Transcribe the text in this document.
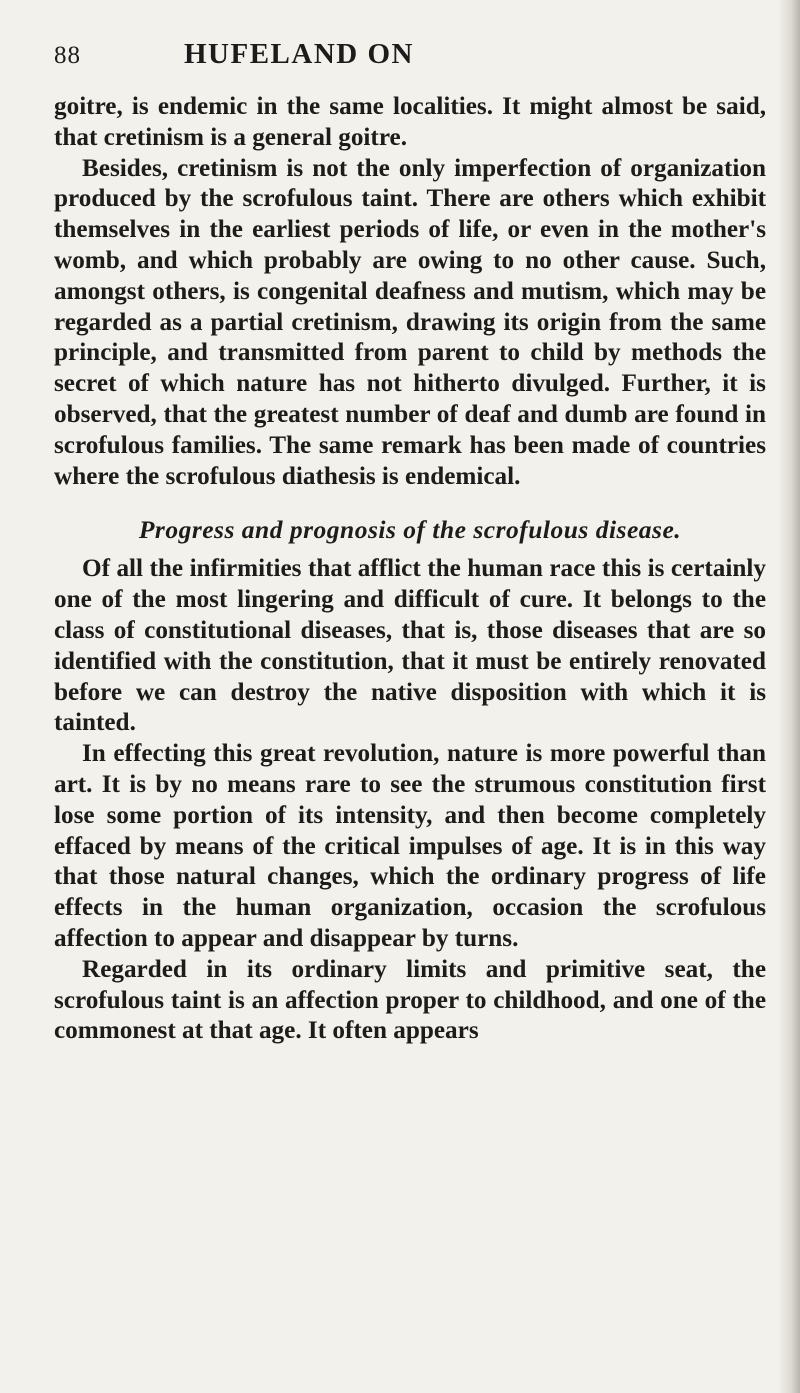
88	HUFELAND ON

goitre, is endemic in the same localities. It might almost be said, that cretinism is a general goitre.

Besides, cretinism is not the only imperfection of organization produced by the scrofulous taint. There are others which exhibit themselves in the earliest periods of life, or even in the mother's womb, and which probably are owing to no other cause. Such, amongst others, is congenital deafness and mutism, which may be regarded as a partial cretinism, drawing its origin from the same principle, and transmitted from parent to child by methods the secret of which nature has not hitherto divulged. Further, it is observed, that the greatest number of deaf and dumb are found in scrofulous families. The same remark has been made of countries where the scrofulous diathesis is endemical.

Progress and prognosis of the scrofulous disease.

Of all the infirmities that afflict the human race this is certainly one of the most lingering and difficult of cure. It belongs to the class of constitutional diseases, that is, those diseases that are so identified with the constitution, that it must be entirely renovated before we can destroy the native disposition with which it is tainted.

In effecting this great revolution, nature is more powerful than art. It is by no means rare to see the strumous constitution first lose some portion of its intensity, and then become completely effaced by means of the critical impulses of age. It is in this way that those natural changes, which the ordinary progress of life effects in the human organization, occasion the scrofulous affection to appear and disappear by turns.

Regarded in its ordinary limits and primitive seat, the scrofulous taint is an affection proper to childhood, and one of the commonest at that age. It often appears
